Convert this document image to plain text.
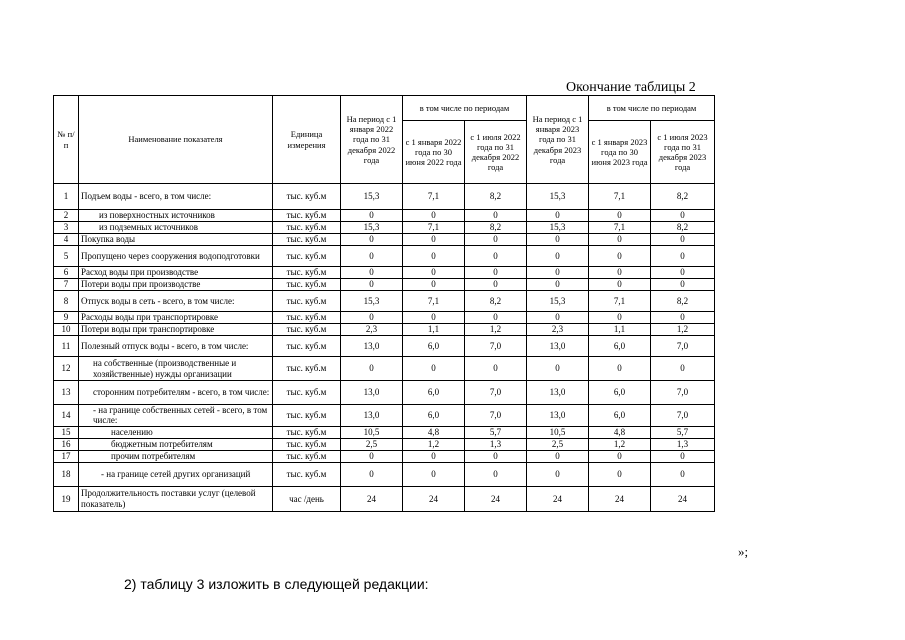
Окончание таблицы 2
№ п/п	Наименование показателя	Единица измерения	На период с 1 января 2022 года по 31 декабря 2022 года	в том числе по периодам		На период с 1 января 2023 года по 31 декабря 2023 года	в том числе по периодам	
				с 1 января 2022 года по 30 июня 2022 года	с 1 июля 2022 года по 31 декабря 2022 года		с 1 января 2023 года по 30 июня 2023 года	с 1 июля 2023 года по 31 декабря 2023 года
1	Подъем воды - всего, в том числе:	тыс. куб.м	15,3	7,1	8,2	15,3	7,1	8,2
2	из поверхностных источников	тыс. куб.м	0	0	0	0	0	0
3	из подземных источников	тыс. куб.м	15,3	7,1	8,2	15,3	7,1	8,2
4	Покупка воды	тыс. куб.м	0	0	0	0	0	0
5	Пропущено через сооружения водоподготовки	тыс. куб.м	0	0	0	0	0	0
6	Расход воды при производстве	тыс. куб.м	0	0	0	0	0	0
7	Потери воды при производстве	тыс. куб.м	0	0	0	0	0	0
8	Отпуск воды в сеть - всего, в том числе:	тыс. куб.м	15,3	7,1	8,2	15,3	7,1	8,2
9	Расходы воды при транспортировке	тыс. куб.м	0	0	0	0	0	0
10	Потери воды при транспортировке	тыс. куб.м	2,3	1,1	1,2	2,3	1,1	1,2
11	Полезный отпуск воды - всего, в том числе:	тыс. куб.м	13,0	6,0	7,0	13,0	6,0	7,0
12	на собственные (производственные и хозяйственные) нужды организации	тыс. куб.м	0	0	0	0	0	0
13	сторонним потребителям - всего, в том числе:	тыс. куб.м	13,0	6,0	7,0	13,0	6,0	7,0
14	- на границе собственных сетей - всего, в том числе:	тыс. куб.м	13,0	6,0	7,0	13,0	6,0	7,0
15	населению	тыс. куб.м	10,5	4,8	5,7	10,5	4,8	5,7
16	бюджетным потребителям	тыс. куб.м	2,5	1,2	1,3	2,5	1,2	1,3
17	прочим потребителям	тыс. куб.м	0	0	0	0	0	0
18	- на границе сетей других организаций	тыс. куб.м	0	0	0	0	0	0
19	Продолжительность поставки услуг (целевой показатель)	час /день	24	24	24	24	24	24
»;
2) таблицу 3 изложить в следующей редакции:
